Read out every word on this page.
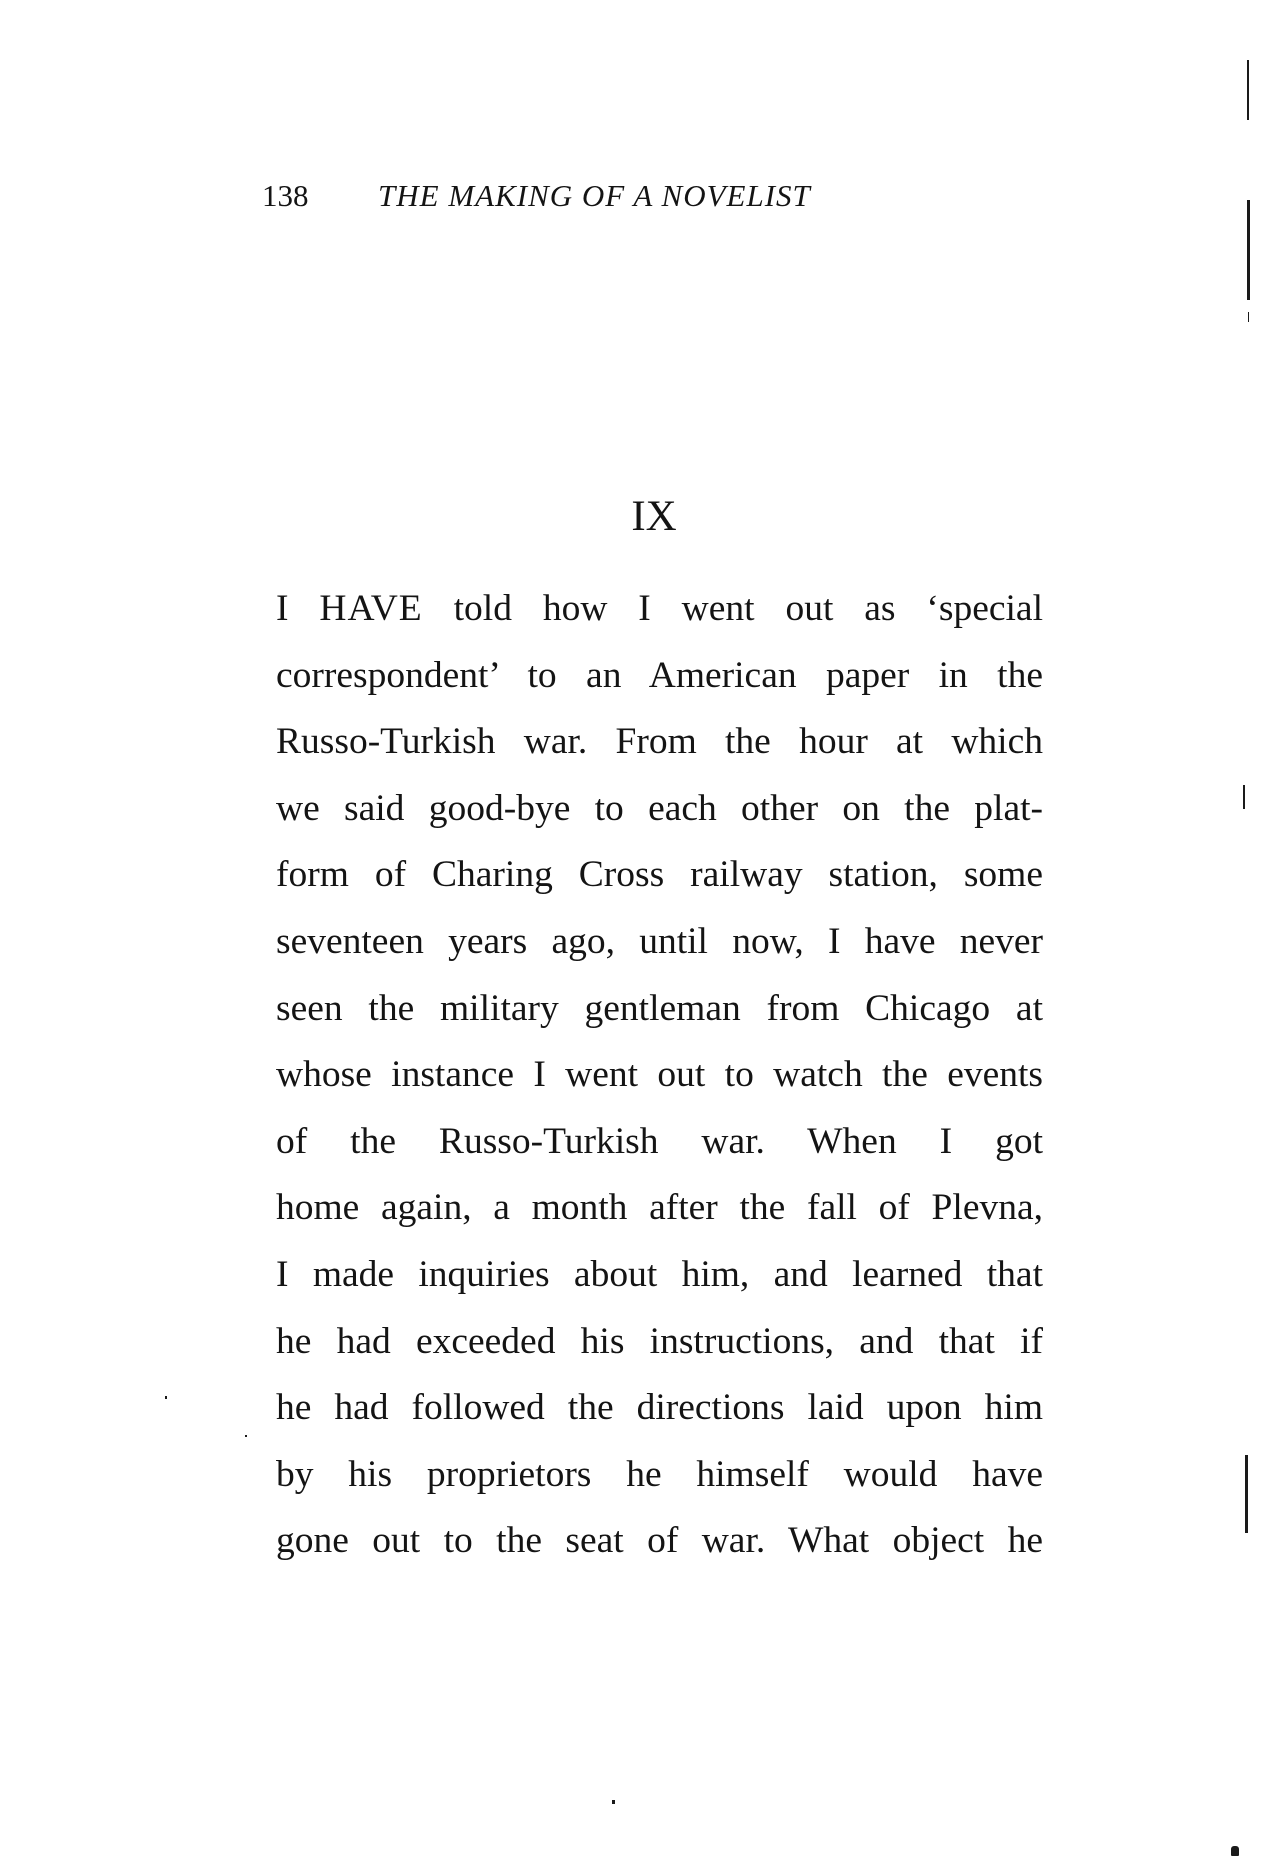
138 THE MAKING OF A NOVELIST
IX
I HAVE told how I went out as ‘special
correspondent’ to an American paper in the
Russo-Turkish war. From the hour at which
we said good-bye to each other on the plat-
form of Charing Cross railway station, some
seventeen years ago, until now, I have never
seen the military gentleman from Chicago at
whose instance I went out to watch the events
of the Russo-Turkish war. When I got
home again, a month after the fall of Plevna,
I made inquiries about him, and learned that
he had exceeded his instructions, and that if
he had followed the directions laid upon him
by his proprietors he himself would have
gone out to the seat of war. What object he
